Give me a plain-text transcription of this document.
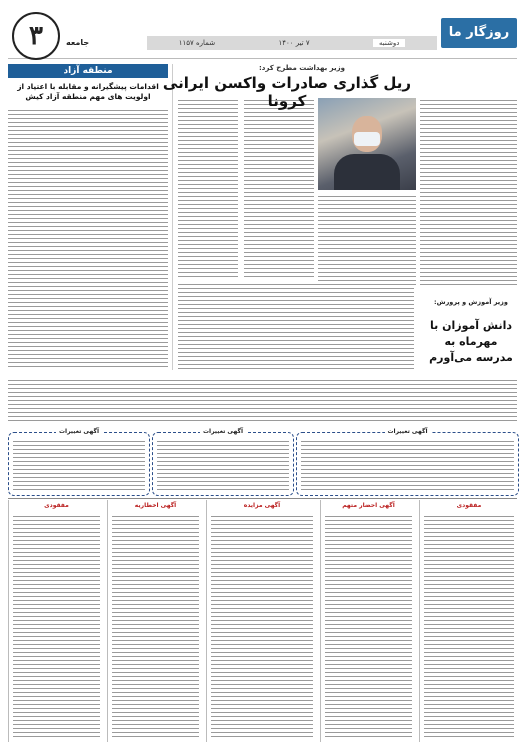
روزگار ما
دوشنبه
۷ تیر ۱۴۰۰
شماره ۱۱۵۷
جامعه
۳
منطقه آزاد
اقدامات پیشگیرانه و مقابله با اعتیاد از اولویت های مهم منطقه آزاد کیش
وزیر بهداشت مطرح کرد:
ریل گذاری صادرات واکسن ایرانی کرونا
وزیر آموزش و پرورش:
دانش آموزان با مهرماه به مدرسه می‌آورم
آگهی تغییرات	آگهی تغییرات	آگهی تغییرات
مفقودی	آگهی اخطاریه	آگهی مزایده	آگهی احضار متهم	مفقودی
